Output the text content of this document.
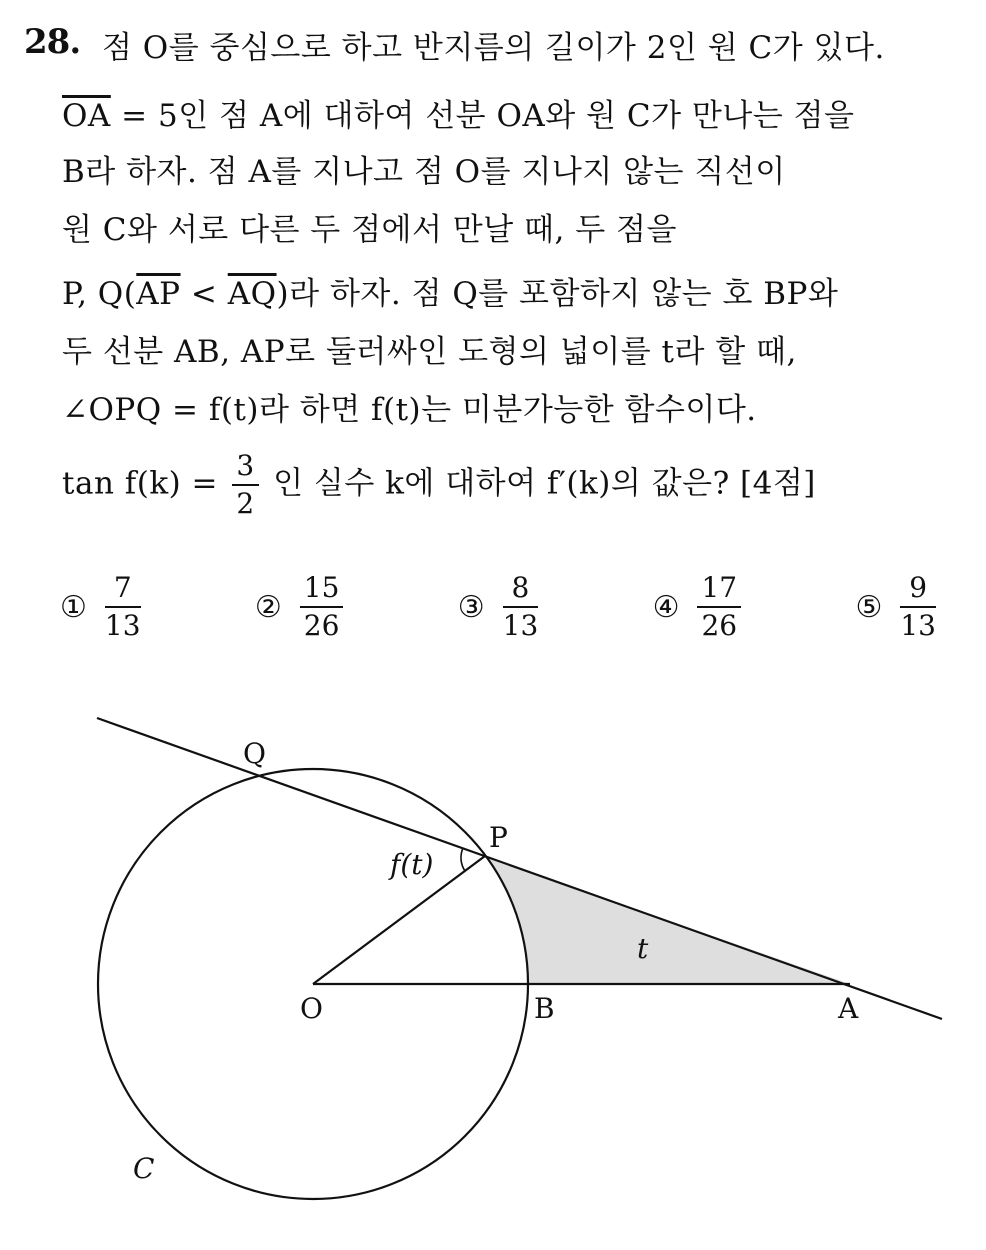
28. 점 O를 중심으로 하고 반지름의 길이가 2인 원 C가 있다.
$\overline{OA} = 5$인 점 A에 대하여 선분 OA와 원 C가 만나는 점을
B라 하자. 점 A를 지나고 점 O를 지나지 않는 직선이
원 C와 서로 다른 두 점에서 만날 때, 두 점을
P, $Q(\overline{AP} < \overline{AQ})$라 하자. 점 Q를 포함하지 않는 호 BP와
두 선분 AB, AP로 둘러싸인 도형의 넓이를 t라 할 때,
∠OPQ = f(t)라 하면 f(t)는 미분가능한 함수이다.
$\tan f(k) = \frac{3}{2}$ 인 실수 k에 대하여 f′(k)의 값은? [4점]
① $\frac{7}{13}$	② $\frac{15}{26}$	③ $\frac{8}{13}$	④ $\frac{17}{26}$	⑤ $\frac{9}{13}$
Q
P
f(t)
t
O	B	A
C
